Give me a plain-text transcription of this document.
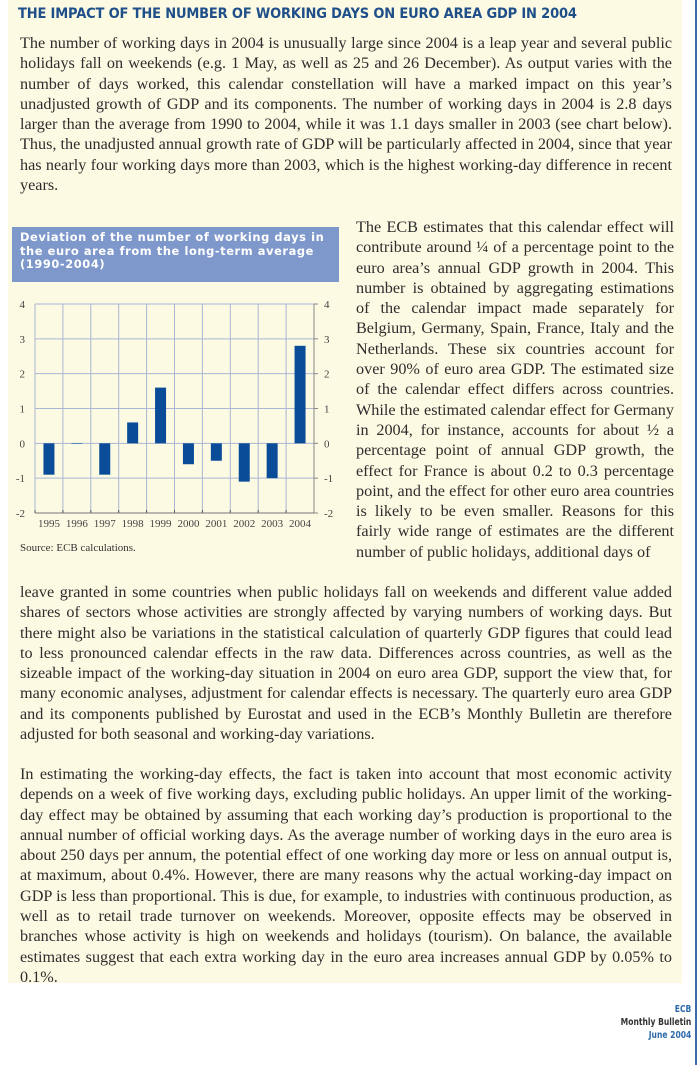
THE IMPACT OF THE NUMBER OF WORKING DAYS ON EURO AREA GDP IN 2004
The number of working days in 2004 is unusually large since 2004 is a leap year and several public holidays fall on weekends (e.g. 1 May, as well as 25 and 26 December). As output varies with the number of days worked, this calendar constellation will have a marked impact on this year’s unadjusted growth of GDP and its components. The number of working days in 2004 is 2.8 days larger than the average from 1990 to 2004, while it was 1.1 days smaller in 2003 (see chart below). Thus, the unadjusted annual growth rate of GDP will be particularly affected in 2004, since that year has nearly four working days more than 2003, which is the highest working-day difference in recent years.
Deviation of the number of working days in the euro area from the long-term average (1990-2004)
-2	-2
-1	-1
0	0
1	1
2	2
3	3
4	4
1995 1996 1997 1998 1999 2000 2001 2002 2003 2004
Source: ECB calculations.
The ECB estimates that this calendar effect will contribute around ¼ of a percentage point to the euro area’s annual GDP growth in 2004. This number is obtained by aggregating estimations of the calendar impact made separately for Belgium, Germany, Spain, France, Italy and the Netherlands. These six countries account for over 90% of euro area GDP. The estimated size of the calendar effect differs across countries. While the estimated calendar effect for Germany in 2004, for instance, accounts for about ½ a percentage point of annual GDP growth, the effect for France is about 0.2 to 0.3 percentage point, and the effect for other euro area countries is likely to be even smaller. Reasons for this fairly wide range of estimates are the different number of public holidays, additional days of
leave granted in some countries when public holidays fall on weekends and different value added shares of sectors whose activities are strongly affected by varying numbers of working days. But there might also be variations in the statistical calculation of quarterly GDP figures that could lead to less pronounced calendar effects in the raw data. Differences across countries, as well as the sizeable impact of the working-day situation in 2004 on euro area GDP, support the view that, for many economic analyses, adjustment for calendar effects is necessary. The quarterly euro area GDP and its components published by Eurostat and used in the ECB’s Monthly Bulletin are therefore adjusted for both seasonal and working-day variations.
In estimating the working-day effects, the fact is taken into account that most economic activity depends on a week of five working days, excluding public holidays. An upper limit of the working-day effect may be obtained by assuming that each working day’s production is proportional to the annual number of official working days. As the average number of working days in the euro area is about 250 days per annum, the potential effect of one working day more or less on annual output is, at maximum, about 0.4%. However, there are many reasons why the actual working-day impact on GDP is less than proportional. This is due, for example, to industries with continuous production, as well as to retail trade turnover on weekends. Moreover, opposite effects may be observed in branches whose activity is high on weekends and holidays (tourism). On balance, the available estimates suggest that each extra working day in the euro area increases annual GDP by 0.05% to 0.1%.
ECB
Monthly Bulletin
June 2004
